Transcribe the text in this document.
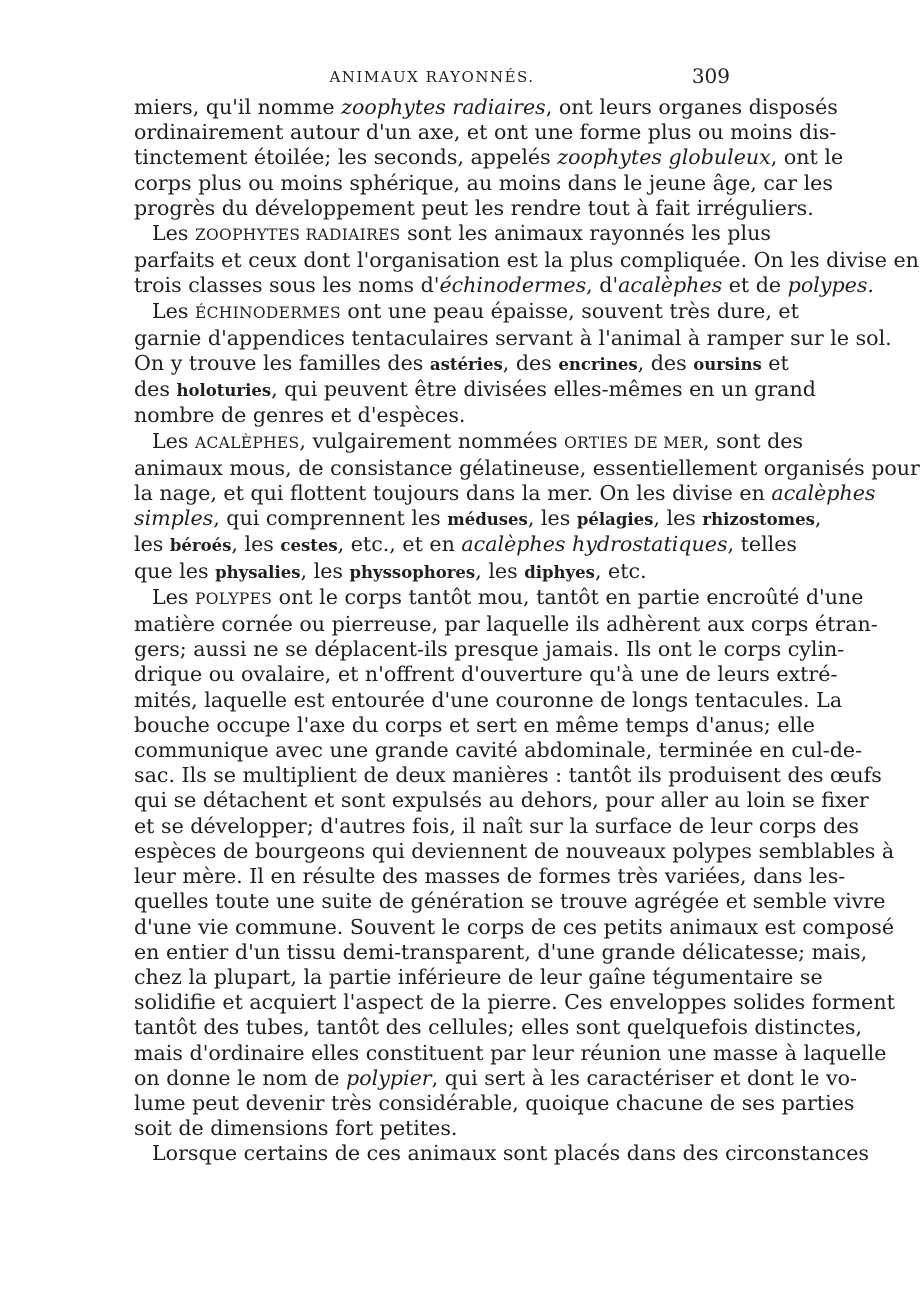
ANIMAUX RAYONNÉS.	309
miers, qu'il nomme zoophytes radiaires, ont leurs organes disposés
ordinairement autour d'un axe, et ont une forme plus ou moins dis-
tinctement étoilée; les seconds, appelés zoophytes globuleux, ont le
corps plus ou moins sphérique, au moins dans le jeune âge, car les
progrès du développement peut les rendre tout à fait irréguliers.
Les ZOOPHYTES RADIAIRES sont les animaux rayonnés les plus
parfaits et ceux dont l'organisation est la plus compliquée. On les divise en
trois classes sous les noms d'échinodermes, d'acalèphes et de polypes.
Les ÉCHINODERMES ont une peau épaisse, souvent très dure, et
garnie d'appendices tentaculaires servant à l'animal à ramper sur le sol.
On y trouve les familles des astéries, des encrines, des oursins et
des holoturies, qui peuvent être divisées elles-mêmes en un grand
nombre de genres et d'espèces.
Les ACALÈPHES, vulgairement nommées ORTIES DE MER, sont des
animaux mous, de consistance gélatineuse, essentiellement organisés pour
la nage, et qui flottent toujours dans la mer. On les divise en acalèphes
simples, qui comprennent les méduses, les pélagies, les rhizostomes,
les béroés, les cestes, etc., et en acalèphes hydrostatiques, telles
que les physalies, les physsophores, les diphyes, etc.
Les POLYPES ont le corps tantôt mou, tantôt en partie encroûté d'une
matière cornée ou pierreuse, par laquelle ils adhèrent aux corps étran-
gers; aussi ne se déplacent-ils presque jamais. Ils ont le corps cylin-
drique ou ovalaire, et n'offrent d'ouverture qu'à une de leurs extré-
mités, laquelle est entourée d'une couronne de longs tentacules. La
bouche occupe l'axe du corps et sert en même temps d'anus; elle
communique avec une grande cavité abdominale, terminée en cul-de-
sac. Ils se multiplient de deux manières : tantôt ils produisent des œufs
qui se détachent et sont expulsés au dehors, pour aller au loin se fixer
et se développer; d'autres fois, il naît sur la surface de leur corps des
espèces de bourgeons qui deviennent de nouveaux polypes semblables à
leur mère. Il en résulte des masses de formes très variées, dans les-
quelles toute une suite de génération se trouve agrégée et semble vivre
d'une vie commune. Souvent le corps de ces petits animaux est composé
en entier d'un tissu demi-transparent, d'une grande délicatesse; mais,
chez la plupart, la partie inférieure de leur gaîne tégumentaire se
solidifie et acquiert l'aspect de la pierre. Ces enveloppes solides forment
tantôt des tubes, tantôt des cellules; elles sont quelquefois distinctes,
mais d'ordinaire elles constituent par leur réunion une masse à laquelle
on donne le nom de polypier, qui sert à les caractériser et dont le vo-
lume peut devenir très considérable, quoique chacune de ses parties
soit de dimensions fort petites.
Lorsque certains de ces animaux sont placés dans des circonstances
